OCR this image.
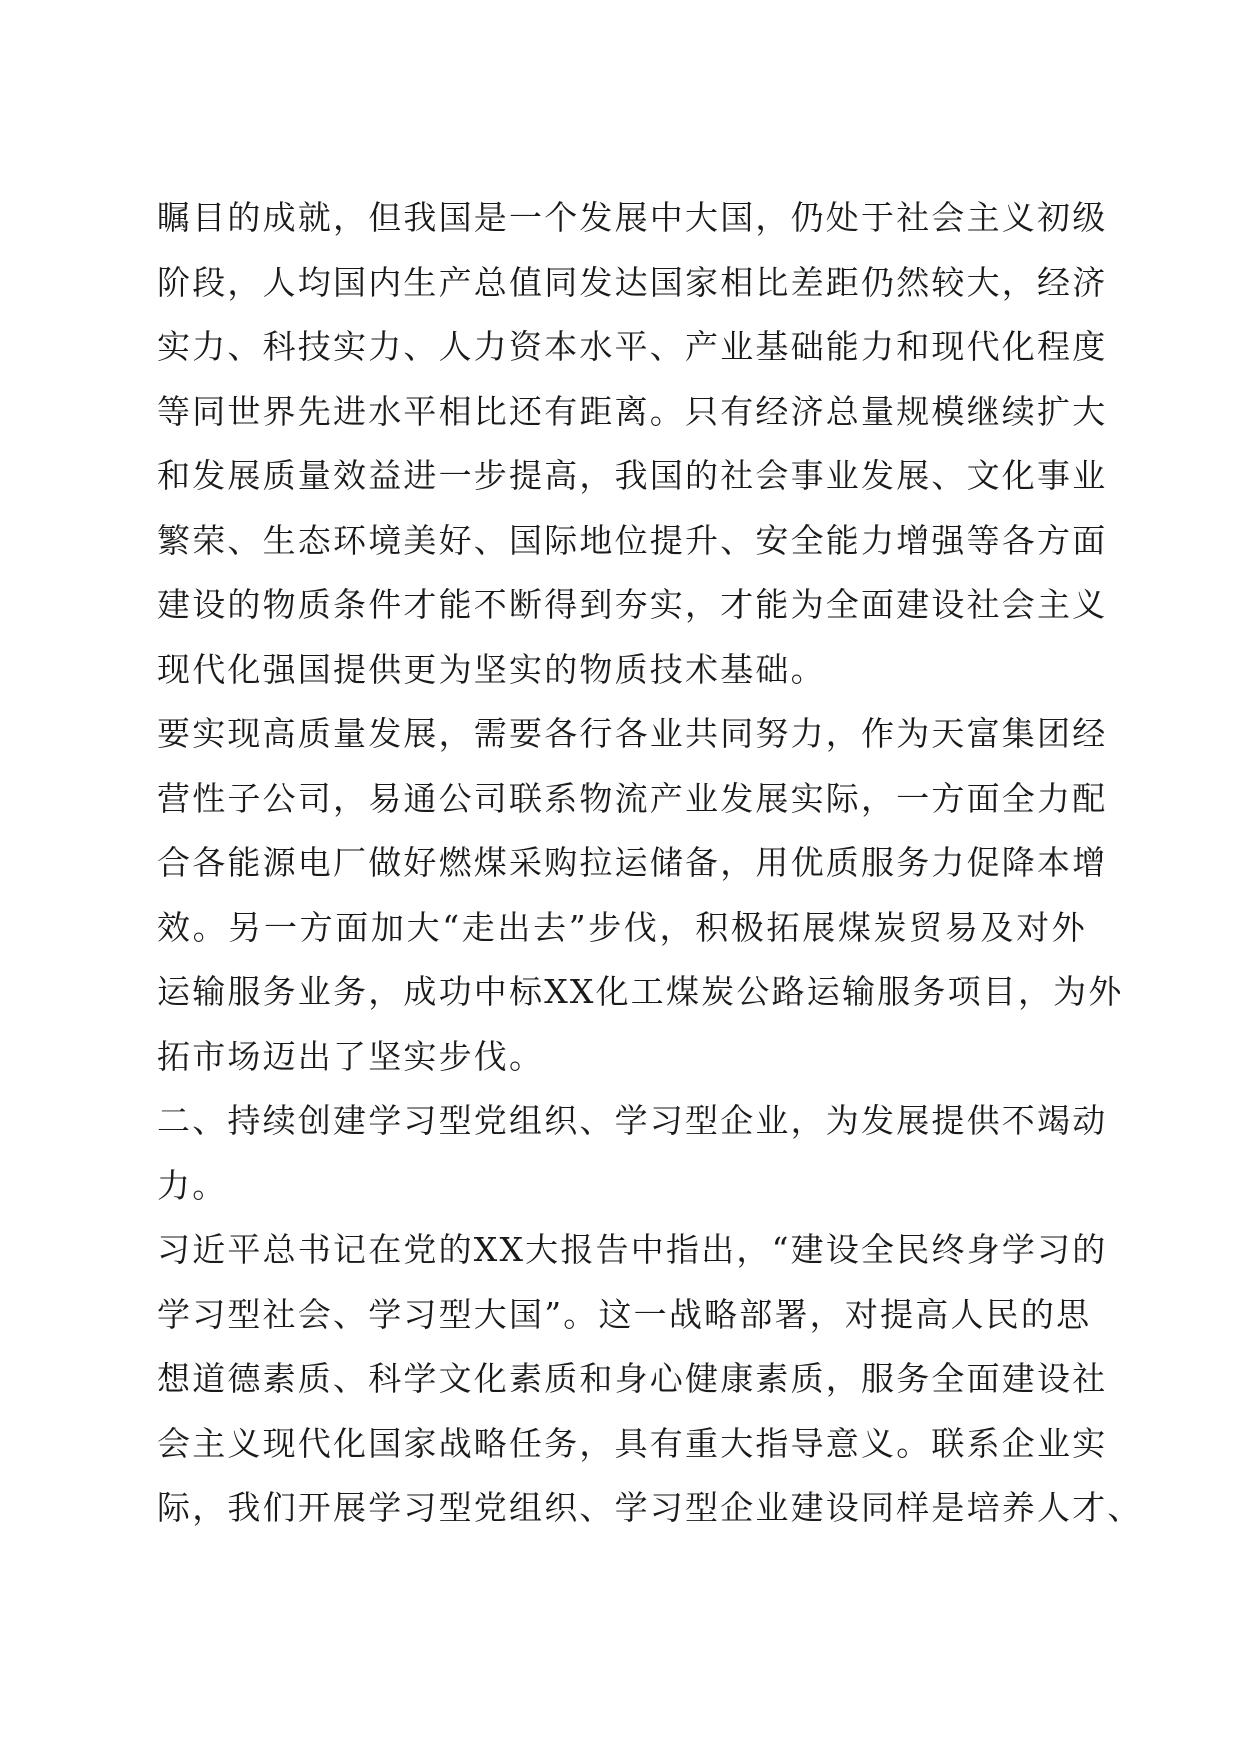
瞩目的成就，但我国是一个发展中大国，仍处于社会主义初级
阶段，人均国内生产总值同发达国家相比差距仍然较大，经济
实力、科技实力、人力资本水平、产业基础能力和现代化程度
等同世界先进水平相比还有距离。只有经济总量规模继续扩大
和发展质量效益进一步提高，我国的社会事业发展、文化事业
繁荣、生态环境美好、国际地位提升、安全能力增强等各方面
建设的物质条件才能不断得到夯实，才能为全面建设社会主义
现代化强国提供更为坚实的物质技术基础。
要实现高质量发展，需要各行各业共同努力，作为天富集团经
营性子公司，易通公司联系物流产业发展实际，一方面全力配
合各能源电厂做好燃煤采购拉运储备，用优质服务力促降本增
效。另一方面加大“走出去”步伐，积极拓展煤炭贸易及对外
运输服务业务，成功中标XX化工煤炭公路运输服务项目，为外
拓市场迈出了坚实步伐。
二、持续创建学习型党组织、学习型企业，为发展提供不竭动
力。
习近平总书记在党的XX大报告中指出，“建设全民终身学习的
学习型社会、学习型大国”。这一战略部署，对提高人民的思
想道德素质、科学文化素质和身心健康素质，服务全面建设社
会主义现代化国家战略任务，具有重大指导意义。联系企业实
际，我们开展学习型党组织、学习型企业建设同样是培养人才、
